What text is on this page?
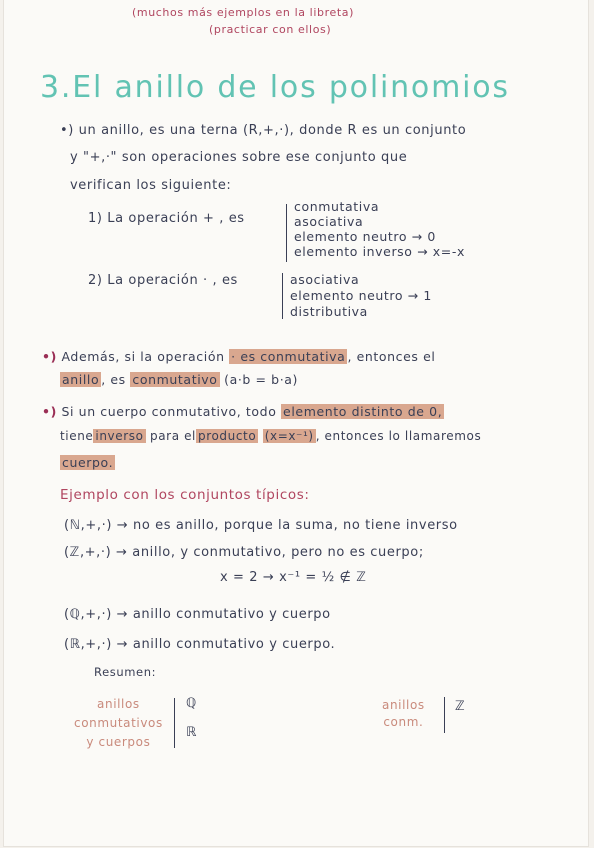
(muchos más ejemplos en la libreta)
(practicar con ellos)
3.El anillo de los polinomios
•) un anillo, es una terna (R,+,·), donde R es un conjunto
y "+,·" son operaciones sobre ese conjunto que
verifican los siguiente:
1) La operación + , es
conmutativa
asociativa
elemento neutro → 0
elemento inverso → x=-x
2) La operación · , es	asociativa
elemento neutro → 1
distributiva
•) Además, si la operación · es conmutativa , entonces el
anillo , es conmutativo (a·b = b·a)
•) Si un cuerpo conmutativo, todo elemento distinto de 0,
tiene inverso para el producto (x=x⁻¹) , entonces lo llamaremos
cuerpo.
Ejemplo con los conjuntos típicos:
(ℕ,+,·) → no es anillo, porque la suma, no tiene inverso
(ℤ,+,·) → anillo, y conmutativo, pero no es cuerpo;
x = 2 → x⁻¹ = ½ ∉ ℤ
(ℚ,+,·) → anillo conmutativo y cuerpo
(ℝ,+,·) → anillo conmutativo y cuerpo.
Resumen:
anillos
conmutativos
y cuerpos
ℚ
ℝ
anillos
conm.
ℤ
